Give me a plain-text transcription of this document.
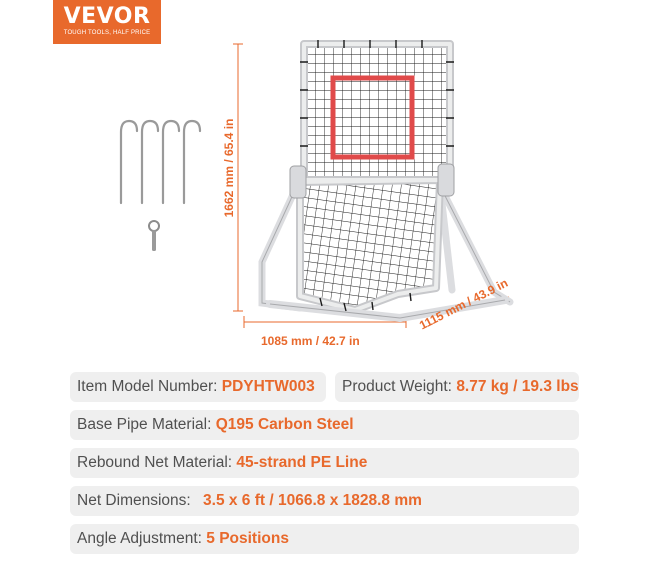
VEVOR
TOUGH TOOLS, HALF PRICE
1662 mm / 65.4 in
1085 mm / 42.7 in
1115 mm / 43.9 in
Item Model Number: PDYHTW003	Product Weight: 8.77 kg / 19.3 lbs
Base Pipe Material: Q195 Carbon Steel
Rebound Net Material: 45-strand PE Line
Net Dimensions: 3.5 x 6 ft / 1066.8 x 1828.8 mm
Angle Adjustment: 5 Positions
